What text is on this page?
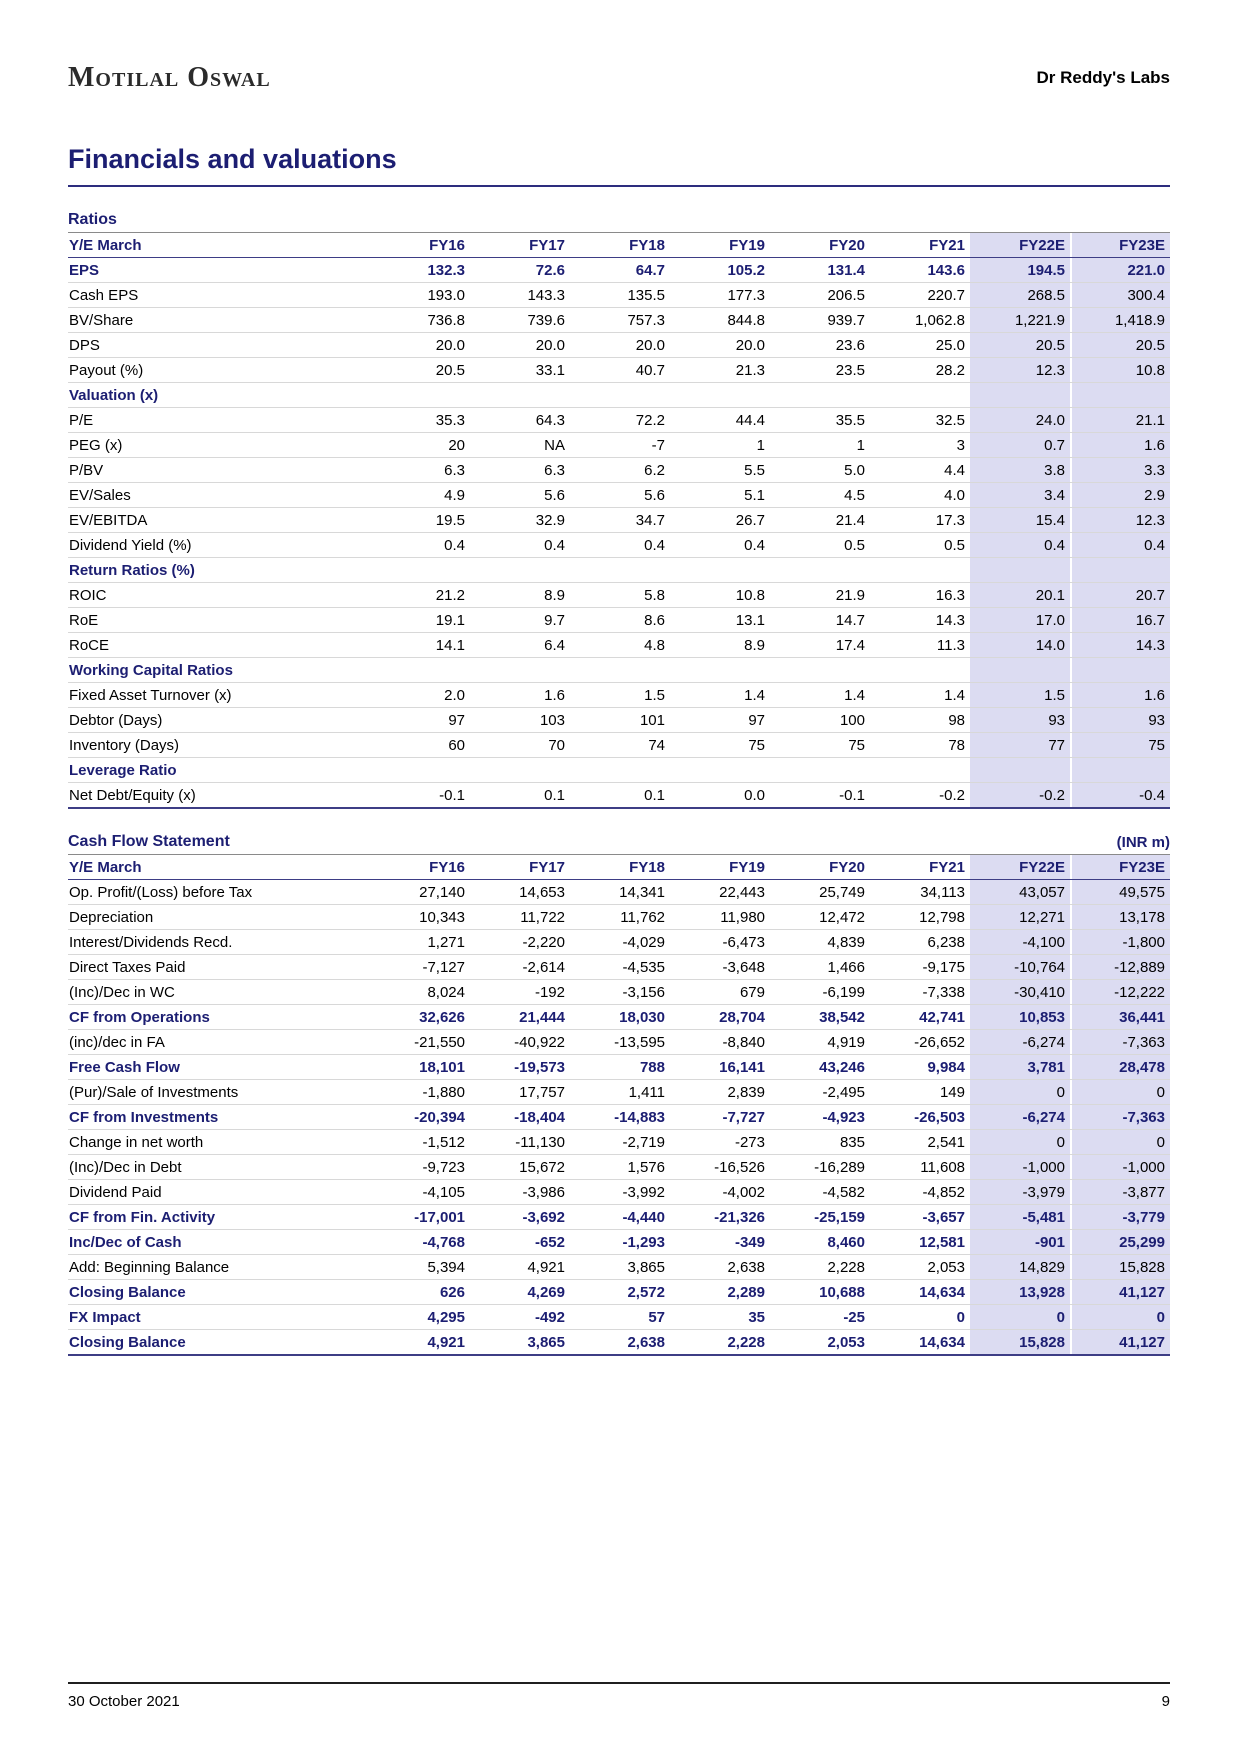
Motilal Oswal	Dr Reddy's Labs
Financials and valuations
Ratios
Y/E March	FY16	FY17	FY18	FY19	FY20	FY21	FY22E	FY23E
EPS	132.3	72.6	64.7	105.2	131.4	143.6	194.5	221.0
Cash EPS	193.0	143.3	135.5	177.3	206.5	220.7	268.5	300.4
BV/Share	736.8	739.6	757.3	844.8	939.7	1,062.8	1,221.9	1,418.9
DPS	20.0	20.0	20.0	20.0	23.6	25.0	20.5	20.5
Payout (%)	20.5	33.1	40.7	21.3	23.5	28.2	12.3	10.8
Valuation (x)								
P/E	35.3	64.3	72.2	44.4	35.5	32.5	24.0	21.1
PEG (x)	20	NA	-7	1	1	3	0.7	1.6
P/BV	6.3	6.3	6.2	5.5	5.0	4.4	3.8	3.3
EV/Sales	4.9	5.6	5.6	5.1	4.5	4.0	3.4	2.9
EV/EBITDA	19.5	32.9	34.7	26.7	21.4	17.3	15.4	12.3
Dividend Yield (%)	0.4	0.4	0.4	0.4	0.5	0.5	0.4	0.4
Return Ratios (%)								
ROIC	21.2	8.9	5.8	10.8	21.9	16.3	20.1	20.7
RoE	19.1	9.7	8.6	13.1	14.7	14.3	17.0	16.7
RoCE	14.1	6.4	4.8	8.9	17.4	11.3	14.0	14.3
Working Capital Ratios								
Fixed Asset Turnover (x)	2.0	1.6	1.5	1.4	1.4	1.4	1.5	1.6
Debtor (Days)	97	103	101	97	100	98	93	93
Inventory (Days)	60	70	74	75	75	78	77	75
Leverage Ratio								
Net Debt/Equity (x)	-0.1	0.1	0.1	0.0	-0.1	-0.2	-0.2	-0.4
Cash Flow Statement	(INR m)
Y/E March	FY16	FY17	FY18	FY19	FY20	FY21	FY22E	FY23E
Op. Profit/(Loss) before Tax	27,140	14,653	14,341	22,443	25,749	34,113	43,057	49,575
Depreciation	10,343	11,722	11,762	11,980	12,472	12,798	12,271	13,178
Interest/Dividends Recd.	1,271	-2,220	-4,029	-6,473	4,839	6,238	-4,100	-1,800
Direct Taxes Paid	-7,127	-2,614	-4,535	-3,648	1,466	-9,175	-10,764	-12,889
(Inc)/Dec in WC	8,024	-192	-3,156	679	-6,199	-7,338	-30,410	-12,222
CF from Operations	32,626	21,444	18,030	28,704	38,542	42,741	10,853	36,441
(inc)/dec in FA	-21,550	-40,922	-13,595	-8,840	4,919	-26,652	-6,274	-7,363
Free Cash Flow	18,101	-19,573	788	16,141	43,246	9,984	3,781	28,478
(Pur)/Sale of Investments	-1,880	17,757	1,411	2,839	-2,495	149	0	0
CF from Investments	-20,394	-18,404	-14,883	-7,727	-4,923	-26,503	-6,274	-7,363
Change in net worth	-1,512	-11,130	-2,719	-273	835	2,541	0	0
(Inc)/Dec in Debt	-9,723	15,672	1,576	-16,526	-16,289	11,608	-1,000	-1,000
Dividend Paid	-4,105	-3,986	-3,992	-4,002	-4,582	-4,852	-3,979	-3,877
CF from Fin. Activity	-17,001	-3,692	-4,440	-21,326	-25,159	-3,657	-5,481	-3,779
Inc/Dec of Cash	-4,768	-652	-1,293	-349	8,460	12,581	-901	25,299
Add: Beginning Balance	5,394	4,921	3,865	2,638	2,228	2,053	14,829	15,828
Closing Balance	626	4,269	2,572	2,289	10,688	14,634	13,928	41,127
FX Impact	4,295	-492	57	35	-25	0	0	0
Closing Balance	4,921	3,865	2,638	2,228	2,053	14,634	15,828	41,127
30 October 2021	9
